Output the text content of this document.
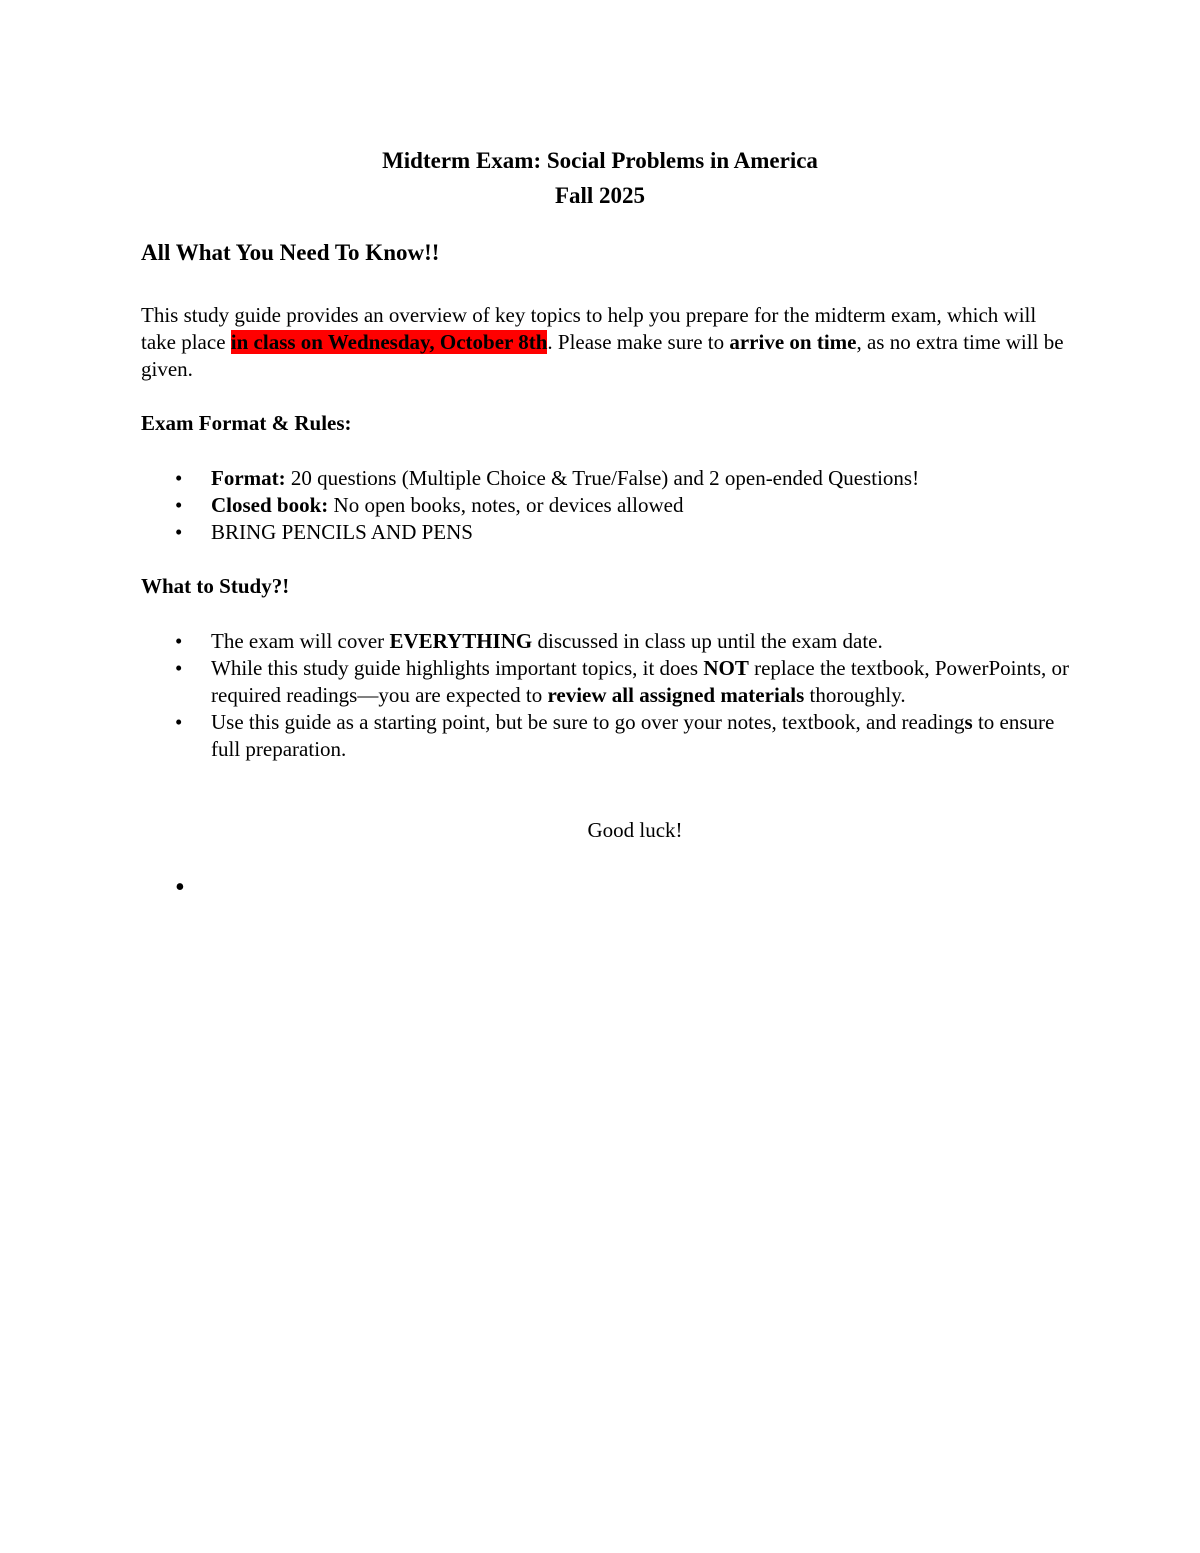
Midterm Exam: Social Problems in America
Fall 2025
All What You Need To Know!!

This study guide provides an overview of key topics to help you prepare for the midterm exam, which will take place in class on Wednesday, October 8th. Please make sure to arrive on time, as no extra time will be given.

Exam Format & Rules:
• Format: 20 questions (Multiple Choice & True/False) and 2 open-ended Questions!
• Closed book: No open books, notes, or devices allowed
• BRING PENCILS AND PENS
What to Study?!
• The exam will cover EVERYTHING discussed in class up until the exam date.
• While this study guide highlights important topics, it does NOT replace the textbook, PowerPoints, or required readings—you are expected to review all assigned materials thoroughly.
• Use this guide as a starting point, but be sure to go over your notes, textbook, and readings to ensure full preparation.
Good luck!
•
